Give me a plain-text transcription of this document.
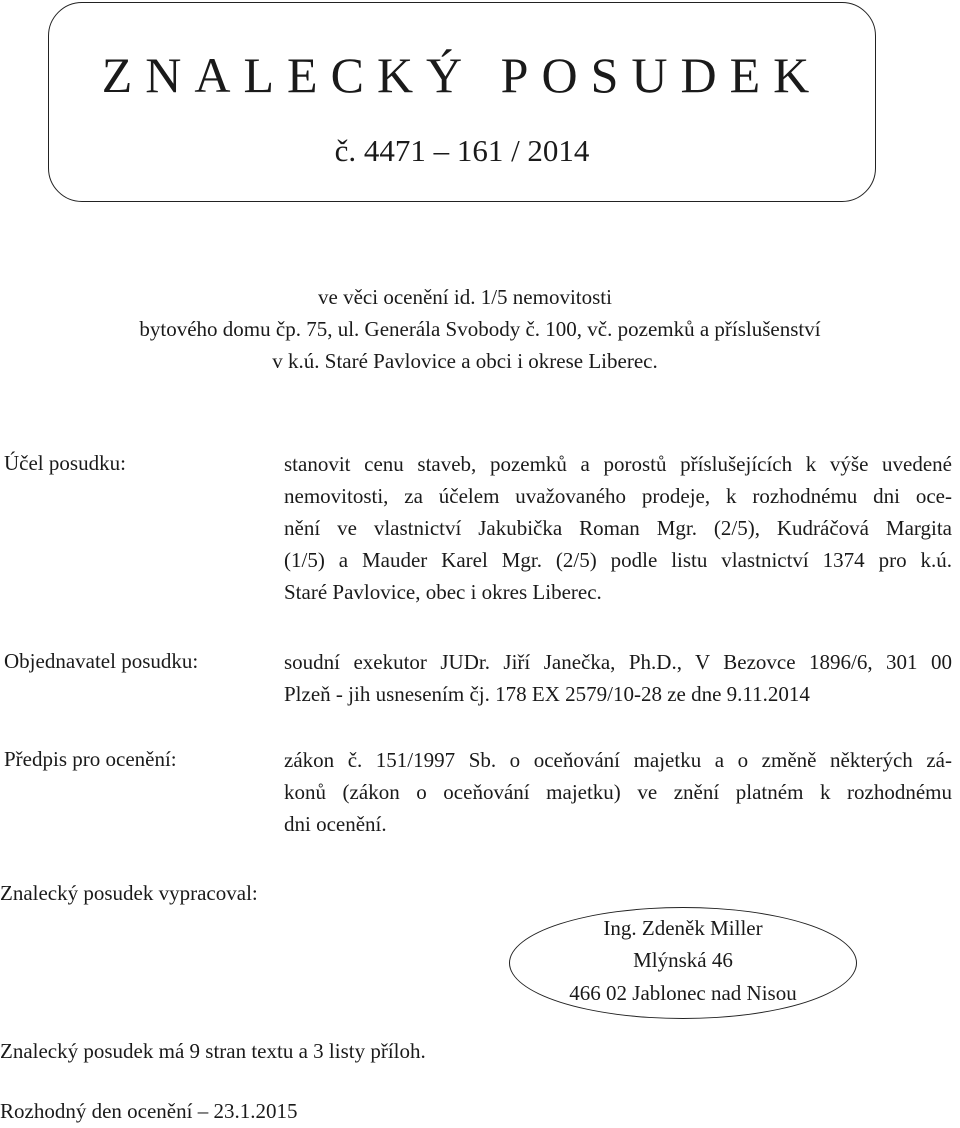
ZNALECKÝ POSUDEK
č. 4471 – 161 / 2014
ve věci ocenění id. 1/5 nemovitosti
bytového domu čp. 75, ul. Generála Svobody č. 100, vč. pozemků a příslušenství
v k.ú. Staré Pavlovice a obci i okrese Liberec.
Účel posudku:	stanovit cenu staveb, pozemků a porostů příslušejících k výše uvedené
nemovitosti, za účelem uvažovaného prodeje, k rozhodnému dni oce-
nění ve vlastnictví Jakubička Roman Mgr. (2/5), Kudráčová Margita
(1/5) a Mauder Karel Mgr. (2/5) podle listu vlastnictví 1374 pro k.ú.
Staré Pavlovice, obec i okres Liberec.
Objednavatel posudku:	soudní exekutor JUDr. Jiří Janečka, Ph.D., V Bezovce 1896/6, 301 00
Plzeň - jih usnesením čj. 178 EX 2579/10-28 ze dne 9.11.2014
Předpis pro ocenění:	zákon č. 151/1997 Sb. o oceňování majetku a o změně některých zá-
konů (zákon o oceňování majetku) ve znění platném k rozhodnému
dni ocenění.
Znalecký posudek vypracoval:
Ing. Zdeněk Miller
Mlýnská 46
466 02 Jablonec nad Nisou
Znalecký posudek má 9 stran textu a 3 listy příloh.
Rozhodný den ocenění – 23.1.2015
